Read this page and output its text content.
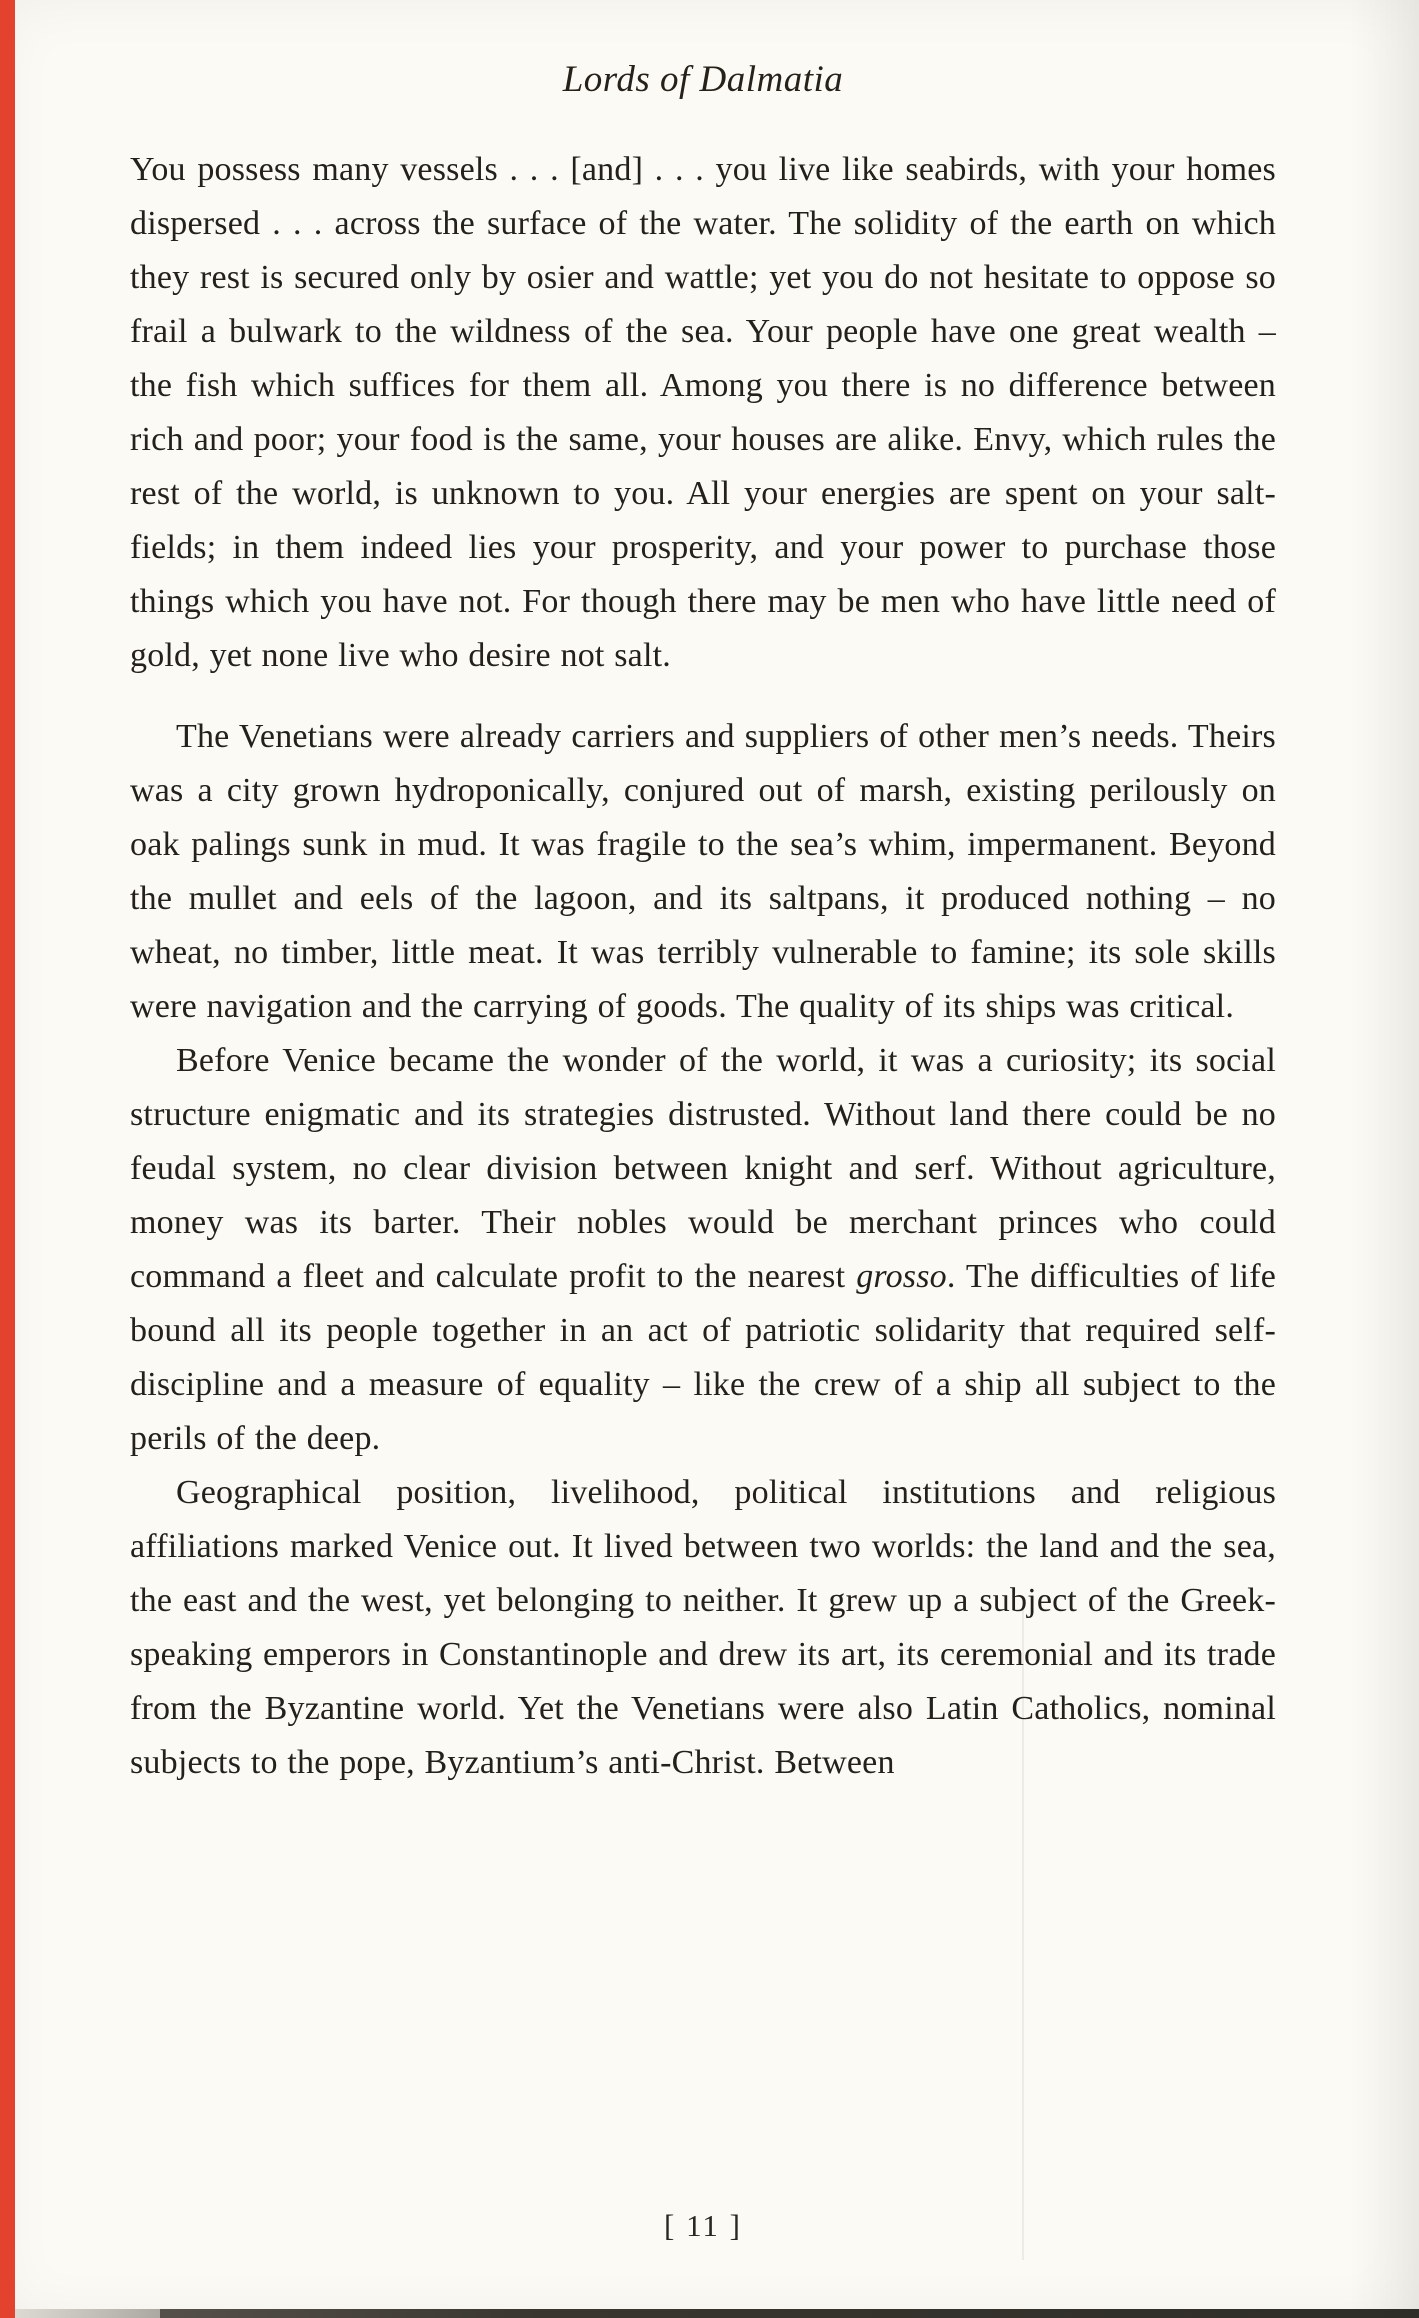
Lords of Dalmatia

You possess many vessels . . . [and] . . . you live like seabirds, with your homes dispersed . . . across the surface of the water. The solidity of the earth on which they rest is secured only by osier and wattle; yet you do not hesitate to oppose so frail a bulwark to the wildness of the sea. Your people have one great wealth – the fish which suffices for them all. Among you there is no difference between rich and poor; your food is the same, your houses are alike. Envy, which rules the rest of the world, is unknown to you. All your energies are spent on your salt-fields; in them indeed lies your prosperity, and your power to purchase those things which you have not. For though there may be men who have little need of gold, yet none live who desire not salt.

The Venetians were already carriers and suppliers of other men’s needs. Theirs was a city grown hydroponically, conjured out of marsh, existing perilously on oak palings sunk in mud. It was fragile to the sea’s whim, impermanent. Beyond the mullet and eels of the lagoon, and its saltpans, it produced nothing – no wheat, no timber, little meat. It was terribly vulnerable to famine; its sole skills were navigation and the carrying of goods. The quality of its ships was critical.

Before Venice became the wonder of the world, it was a curiosity; its social structure enigmatic and its strategies distrusted. Without land there could be no feudal system, no clear division between knight and serf. Without agriculture, money was its barter. Their nobles would be merchant princes who could command a fleet and calculate profit to the nearest grosso. The difficulties of life bound all its people together in an act of patriotic solidarity that required self-discipline and a measure of equality – like the crew of a ship all subject to the perils of the deep.

Geographical position, livelihood, political institutions and religious affiliations marked Venice out. It lived between two worlds: the land and the sea, the east and the west, yet belonging to neither. It grew up a subject of the Greek-speaking emperors in Constantinople and drew its art, its ceremonial and its trade from the Byzantine world. Yet the Venetians were also Latin Catholics, nominal subjects to the pope, Byzantium’s anti-Christ. Between

[ 11 ]
